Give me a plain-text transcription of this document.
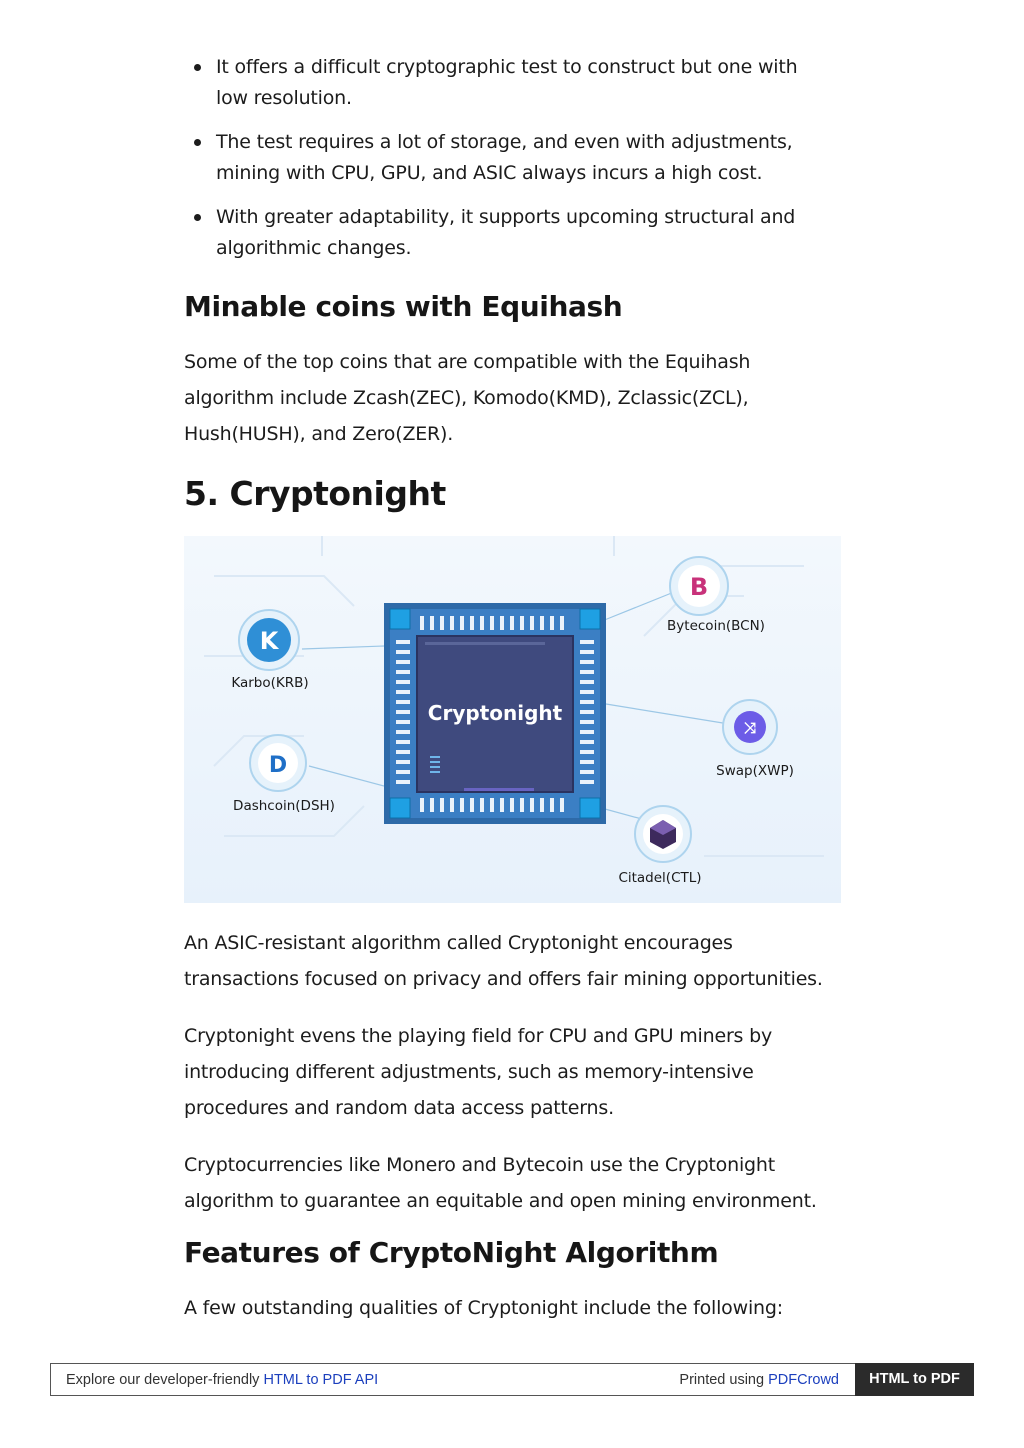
It offers a difficult cryptographic test to construct but one with low resolution.
The test requires a lot of storage, and even with adjustments, mining with CPU, GPU, and ASIC always incurs a high cost.
With greater adaptability, it supports upcoming structural and algorithmic changes.
Minable coins with Equihash

Some of the top coins that are compatible with the Equihash algorithm include Zcash(ZEC), Komodo(KMD), Zclassic(ZCL), Hush(HUSH), and Zero(ZER).

5. Cryptonight
Cryptonight
K
Karbo(KRB)
D
Dashcoin(DSH)
B
Bytecoin(BCN)
⤨
Swap(XWP)
Citadel(CTL)

An ASIC-resistant algorithm called Cryptonight encourages transactions focused on privacy and offers fair mining opportunities.

Cryptonight evens the playing field for CPU and GPU miners by introducing different adjustments, such as memory-intensive procedures and random data access patterns.

Cryptocurrencies like Monero and Bytecoin use the Cryptonight algorithm to guarantee an equitable and open mining environment.

Features of CryptoNight Algorithm

A few outstanding qualities of Cryptonight include the following:

Explore our developer-friendly HTML to PDF API	Printed using PDFCrowd	HTML to PDF
